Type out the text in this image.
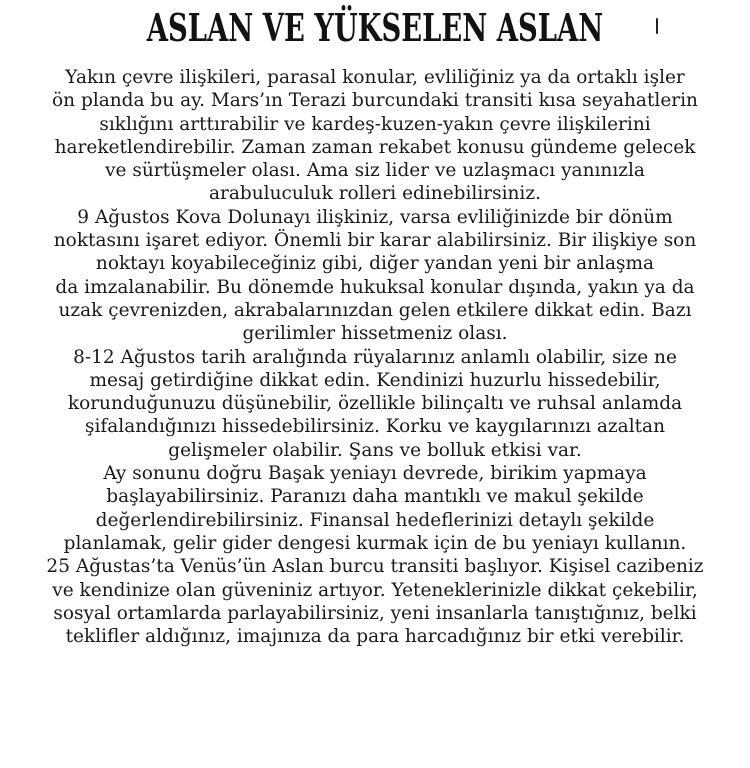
ASLAN VE YÜKSELEN ASLAN
Yakın çevre ilişkileri, parasal konular, evliliğiniz ya da ortaklı işler
ön planda bu ay. Mars’ın Terazi burcundaki transiti kısa seyahatlerin
sıklığını arttırabilir ve kardeş-kuzen-yakın çevre ilişkilerini
hareketlendirebilir. Zaman zaman rekabet konusu gündeme gelecek
ve sürtüşmeler olası. Ama siz lider ve uzlaşmacı yanınızla
arabuluculuk rolleri edinebilirsiniz.
9 Ağustos Kova Dolunayı ilişkiniz, varsa evliliğinizde bir dönüm
noktasını işaret ediyor. Önemli bir karar alabilirsiniz. Bir ilişkiye son
noktayı koyabileceğiniz gibi, diğer yandan yeni bir anlaşma
da imzalanabilir. Bu dönemde hukuksal konular dışında, yakın ya da
uzak çevrenizden, akrabalarınızdan gelen etkilere dikkat edin. Bazı
gerilimler hissetmeniz olası.
8-12 Ağustos tarih aralığında rüyalarınız anlamlı olabilir, size ne
mesaj getirdiğine dikkat edin. Kendinizi huzurlu hissedebilir,
korunduğunuzu düşünebilir, özellikle bilinçaltı ve ruhsal anlamda
şifalandığınızı hissedebilirsiniz. Korku ve kaygılarınızı azaltan
gelişmeler olabilir. Şans ve bolluk etkisi var.
Ay sonunu doğru Başak yeniayı devrede, birikim yapmaya
başlayabilirsiniz. Paranızı daha mantıklı ve makul şekilde
değerlendirebilirsiniz. Finansal hedeflerinizi detaylı şekilde
planlamak, gelir gider dengesi kurmak için de bu yeniayı kullanın.
25 Ağustas’ta Venüs’ün Aslan burcu transiti başlıyor. Kişisel cazibeniz
ve kendinize olan güveniniz artıyor. Yeteneklerinizle dikkat çekebilir,
sosyal ortamlarda parlayabilirsiniz, yeni insanlarla tanıştığınız, belki
teklifler aldığınız, imajınıza da para harcadığınız bir etki verebilir.
